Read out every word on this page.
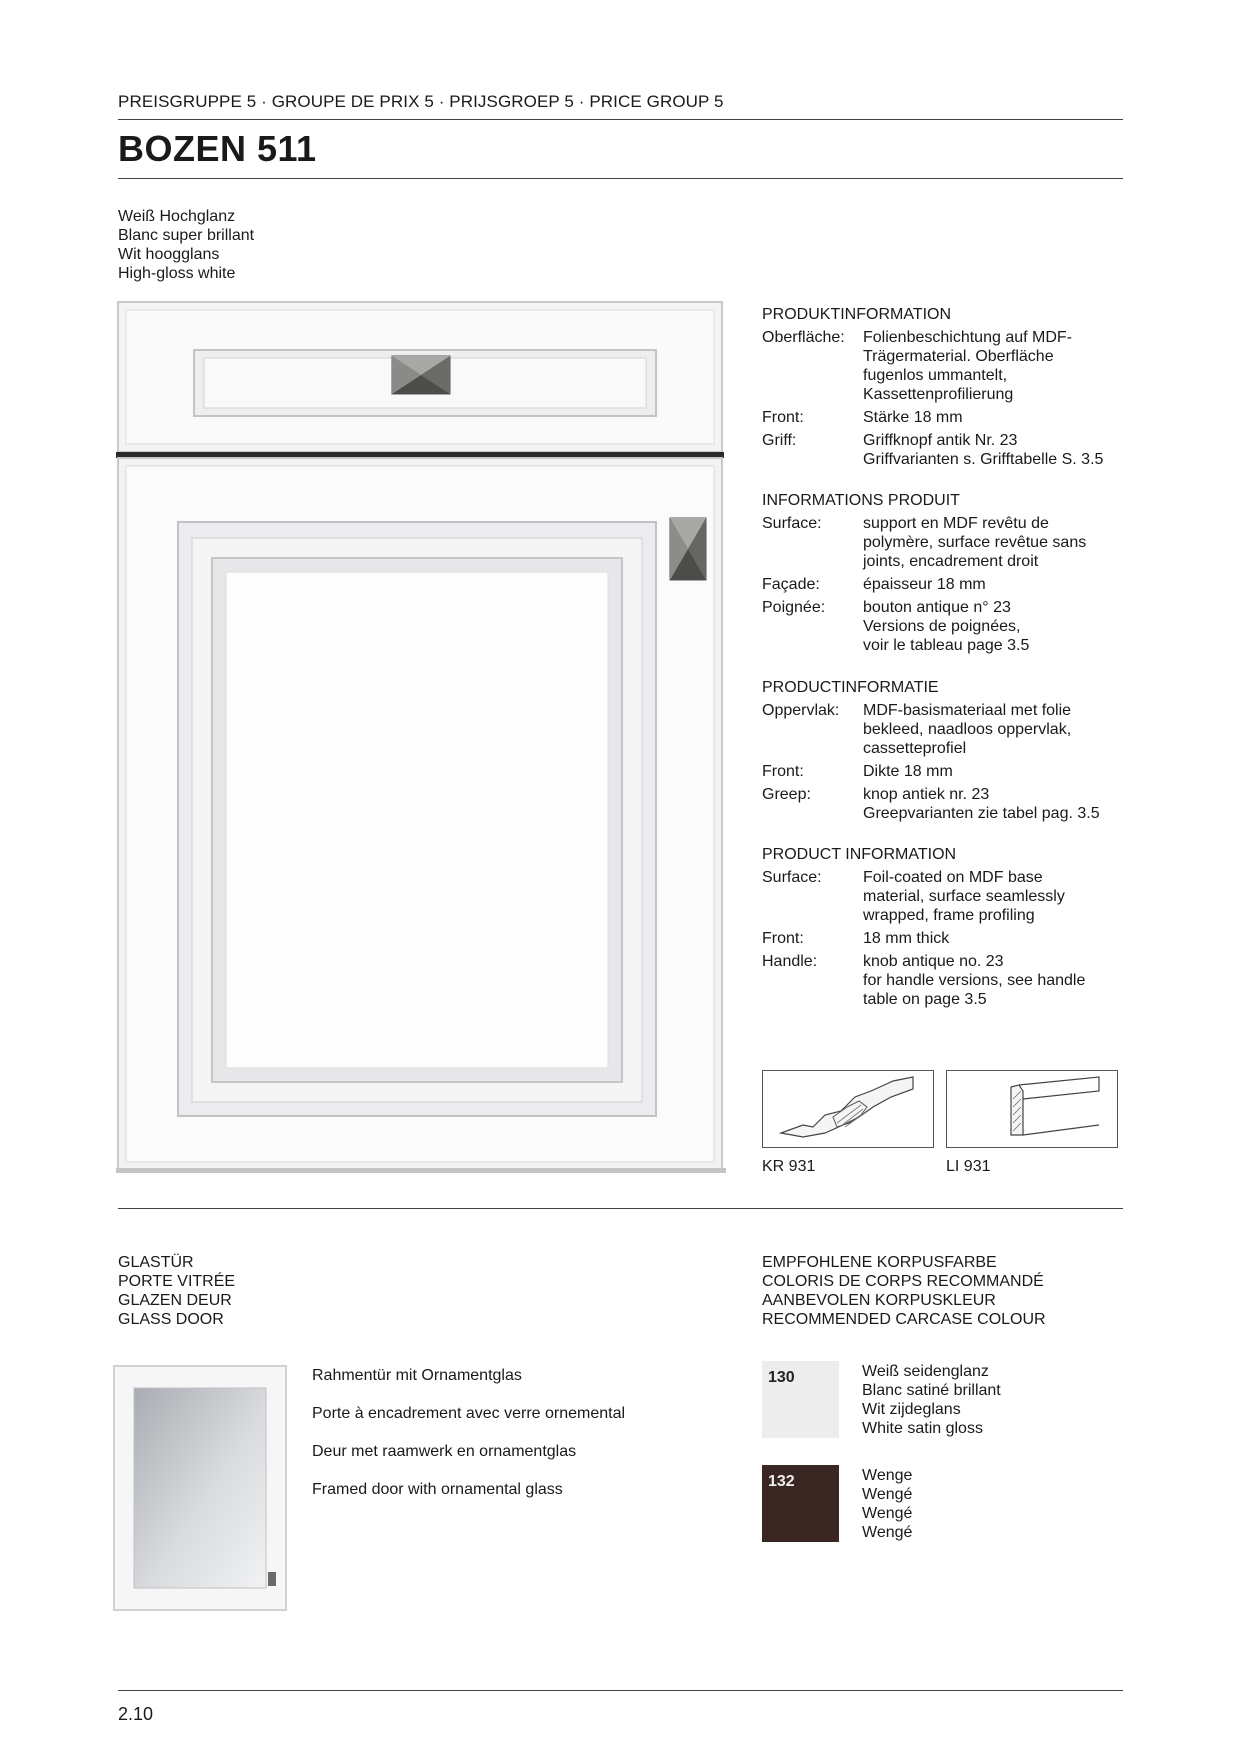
PREISGRUPPE 5 · GROUPE DE PRIX 5 · PRIJSGROEP 5 · PRICE GROUP 5
BOZEN 511
Weiß Hochglanz
Blanc super brillant
Wit hoogglans
High-gloss white
PRODUKTINFORMATION
Oberfläche:	Folienbeschichtung auf MDF-
Trägermaterial. Oberfläche
fugenlos ummantelt,
Kassettenprofilierung
Front:	Stärke 18 mm
Griff:	Griffknopf antik Nr. 23
Griffvarianten s. Grifftabelle S. 3.5
INFORMATIONS PRODUIT
Surface:	support en MDF revêtu de
polymère, surface revêtue sans
joints, encadrement droit
Façade:	épaisseur 18 mm
Poignée:	bouton antique n° 23
Versions de poignées,
voir le tableau page 3.5
PRODUCTINFORMATIE
Oppervlak:	MDF-basismateriaal met folie
bekleed, naadloos oppervlak,
cassetteprofiel
Front:	Dikte 18 mm
Greep:	knop antiek nr. 23
Greepvarianten zie tabel pag. 3.5
PRODUCT INFORMATION
Surface:	Foil-coated on MDF base
material, surface seamlessly
wrapped, frame profiling
Front:	18 mm thick
Handle:	knob antique no. 23
for handle versions, see handle
table on page 3.5
KR 931	LI 931
GLASTÜR
PORTE VITRÉE
GLAZEN DEUR
GLASS DOOR
Rahmentür mit Ornamentglas
Porte à encadrement avec verre ornemental
Deur met raamwerk en ornamentglas
Framed door with ornamental glass
EMPFOHLENE KORPUSFARBE
COLORIS DE CORPS RECOMMANDÉ
AANBEVOLEN KORPUSKLEUR
RECOMMENDED CARCASE COLOUR
130	Weiß seidenglanz
Blanc satiné brillant
Wit zijdeglans
White satin gloss
132	Wenge
Wengé
Wengé
Wengé
2.10
